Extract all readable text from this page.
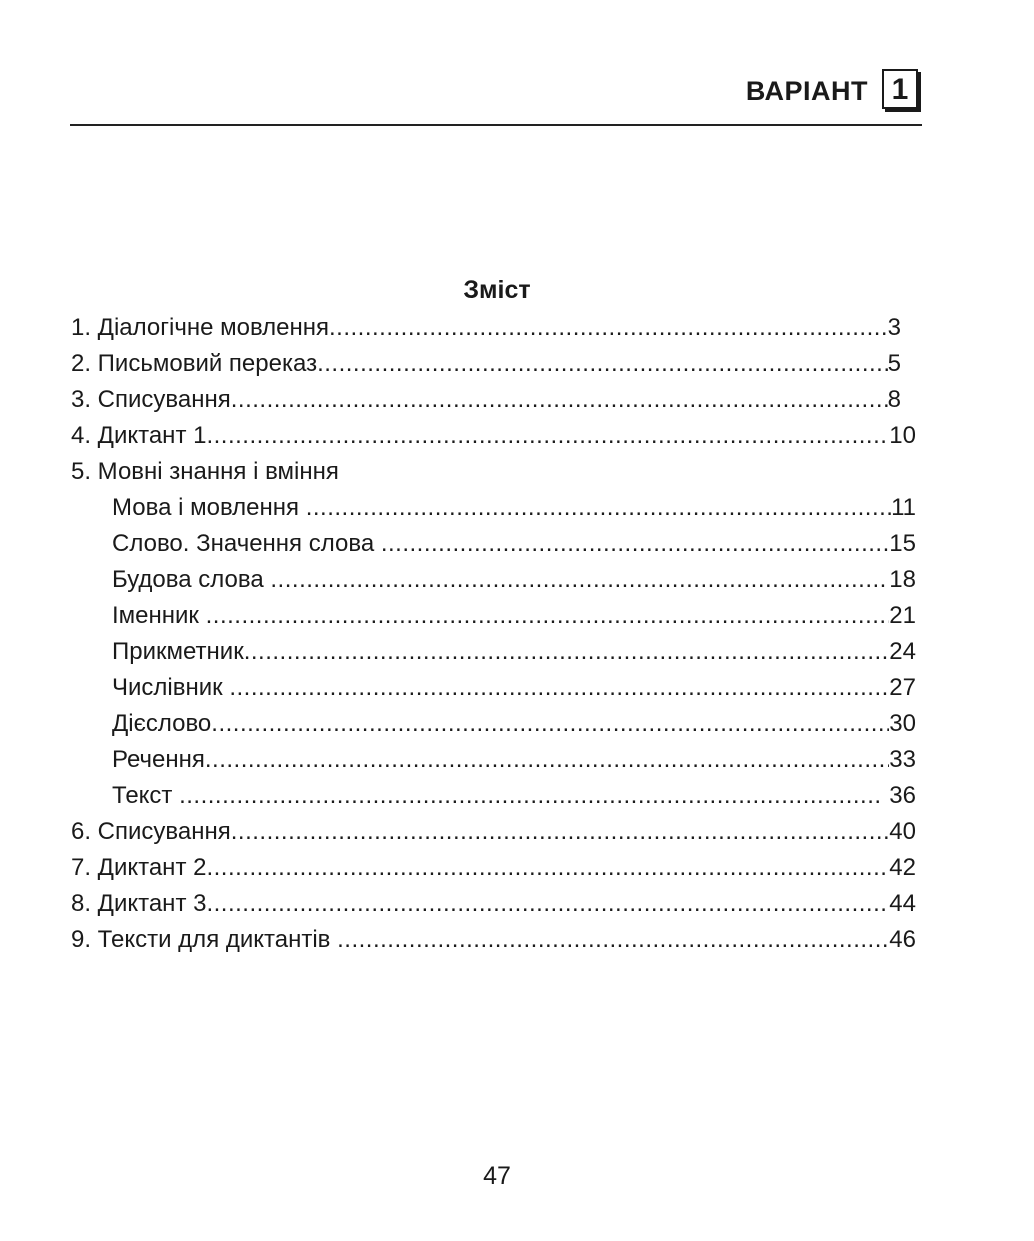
ВАРІАНТ 1
Зміст
1. Діалогічне мовлення .....	3
2. Письмовий переказ .....	5
3. Списування .....	8
4. Диктант 1 .....	10
5. Мовні знання і вміння
Мова і мовлення .....	11
Слово. Значення слова .....	15
Будова слова .....	18
Іменник .....	21
Прикметник .....	24
Числівник .....	27
Дієслово .....	30
Речення .....	33
Текст .....	36
6. Списування .....	40
7. Диктант 2 .....	42
8. Диктант 3 .....	44
9. Тексти для диктантів .....	46
47
